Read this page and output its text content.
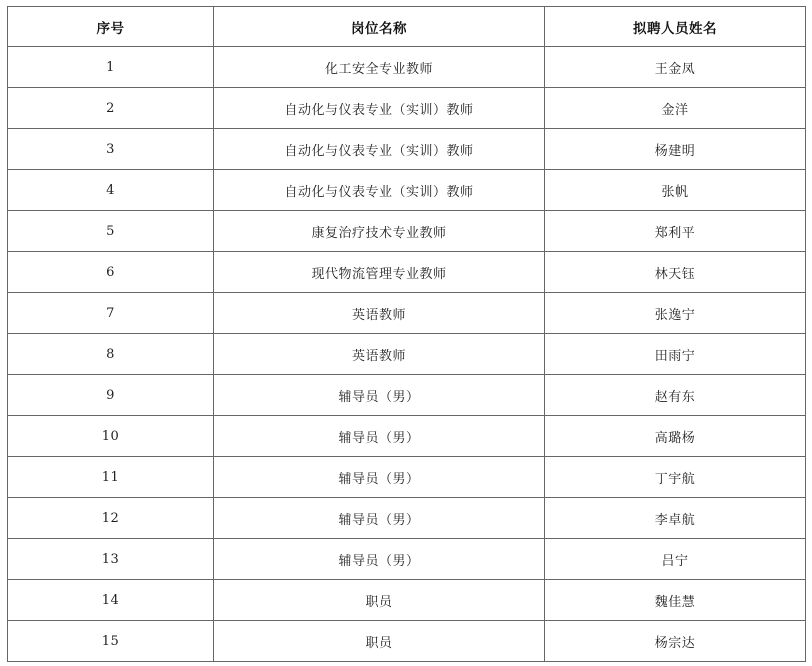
序号	岗位名称	拟聘人员姓名
1	化工安全专业教师	王金凤
2	自动化与仪表专业（实训）教师	金洋
3	自动化与仪表专业（实训）教师	杨建明
4	自动化与仪表专业（实训）教师	张帆
5	康复治疗技术专业教师	郑利平
6	现代物流管理专业教师	林天钰
7	英语教师	张逸宁
8	英语教师	田雨宁
9	辅导员（男）	赵有东
10	辅导员（男）	高璐杨
11	辅导员（男）	丁宇航
12	辅导员（男）	李卓航
13	辅导员（男）	吕宁
14	职员	魏佳慧
15	职员	杨宗达
